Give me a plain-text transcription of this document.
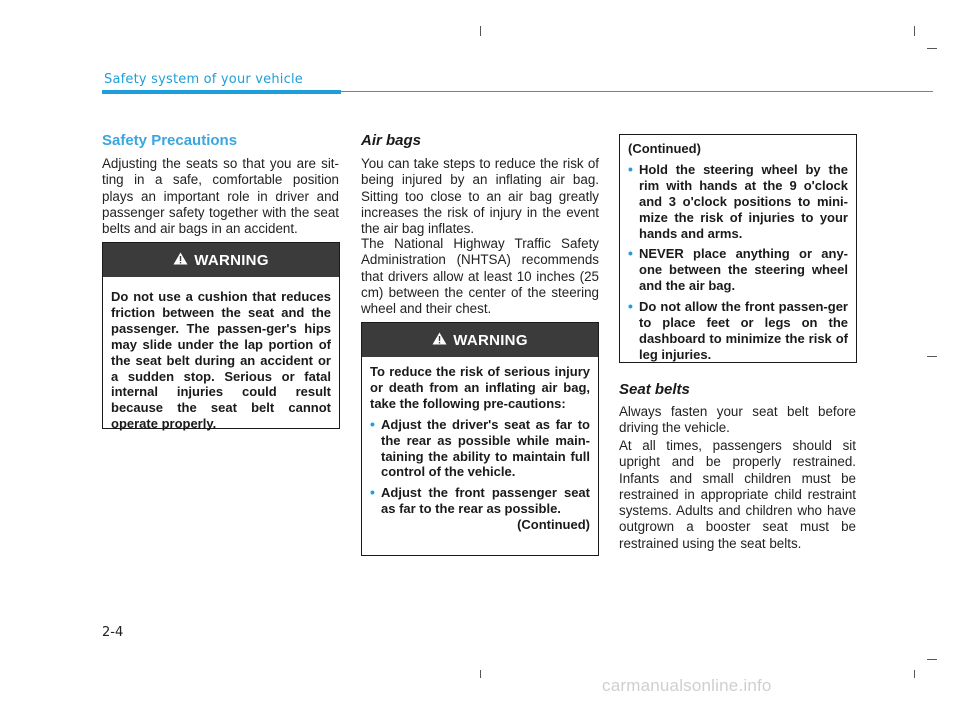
Safety system of your vehicle
Safety Precautions

Adjusting the seats so that you are sit-ting in a safe, comfortable position plays an important role in driver and passenger safety together with the seat belts and air bags in an accident.

WARNING

Do not use a cushion that reduces friction between the seat and the passenger. The passen-ger's hips may slide under the lap portion of the seat belt during an accident or a sudden stop. Serious or fatal internal injuries could result because the seat belt cannot operate properly.

Air bags

You can take steps to reduce the risk of being injured by an inflating air bag. Sitting too close to an air bag greatly increases the risk of injury in the event the air bag inflates.

The National Highway Traffic Safety Administration (NHTSA) recommends that drivers allow at least 10 inches (25 cm) between the center of the steering wheel and their chest.

WARNING

To reduce the risk of serious injury or death from an inflating air bag, take the following pre-cautions:

• Adjust the driver's seat as far to the rear as possible while main-taining the ability to maintain full control of the vehicle.
• Adjust the front passenger seat as far to the rear as possible.

(Continued)

(Continued)

• Hold the steering wheel by the rim with hands at the 9 o'clock and 3 o'clock positions to mini-mize the risk of injuries to your hands and arms.
• NEVER place anything or any-one between the steering wheel and the air bag.
• Do not allow the front passen-ger to place feet or legs on the dashboard to minimize the risk of leg injuries.
Seat belts

Always fasten your seat belt before driving the vehicle.

At all times, passengers should sit upright and be properly restrained. Infants and small children must be restrained in appropriate child restraint systems. Adults and children who have outgrown a booster seat must be restrained using the seat belts.

2-4
carmanualsonline.info
